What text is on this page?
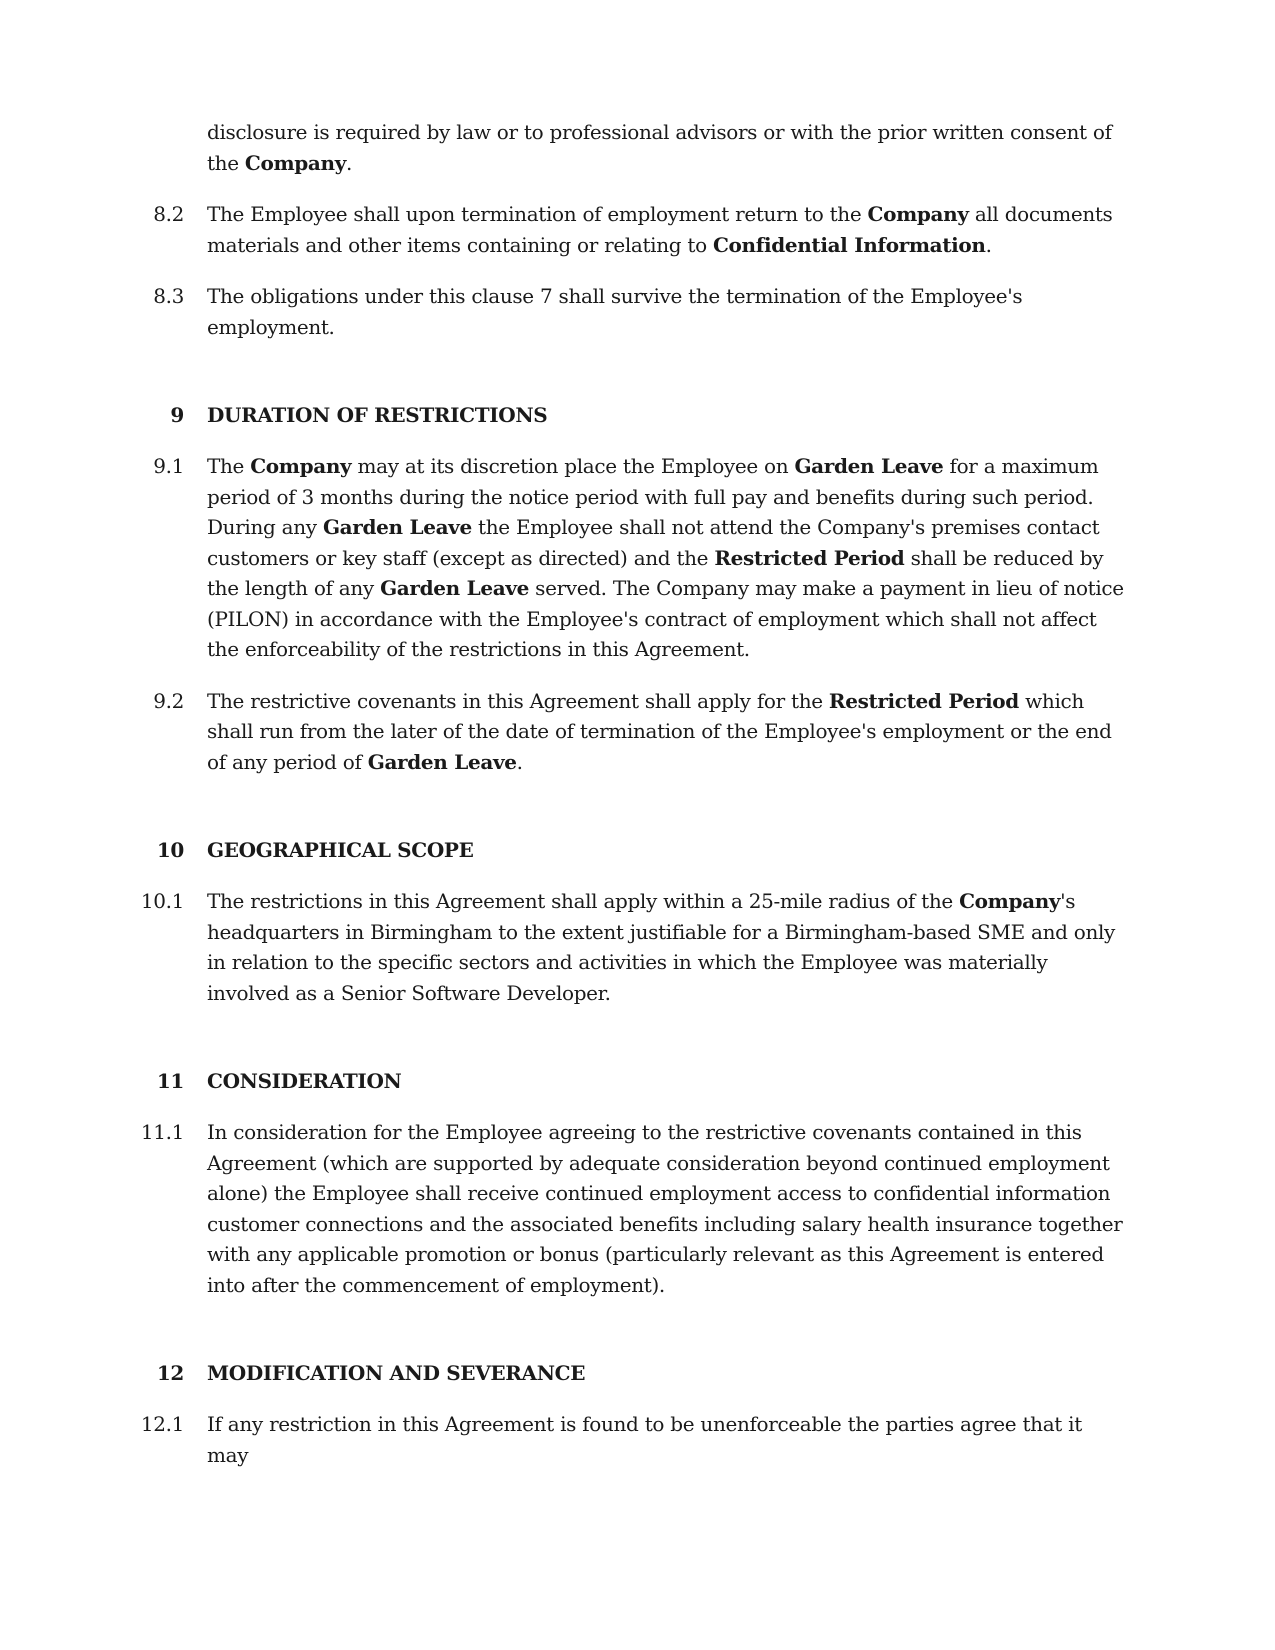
disclosure is required by law or to professional advisors or with the prior written consent of the Company.
8.2 The Employee shall upon termination of employment return to the Company all documents materials and other items containing or relating to Confidential Information.
8.3 The obligations under this clause 7 shall survive the termination of the Employee's employment.
9 DURATION OF RESTRICTIONS
9.1 The Company may at its discretion place the Employee on Garden Leave for a maximum period of 3 months during the notice period with full pay and benefits during such period. During any Garden Leave the Employee shall not attend the Company's premises contact customers or key staff (except as directed) and the Restricted Period shall be reduced by the length of any Garden Leave served. The Company may make a payment in lieu of notice (PILON) in accordance with the Employee's contract of employment which shall not affect the enforceability of the restrictions in this Agreement.
9.2 The restrictive covenants in this Agreement shall apply for the Restricted Period which shall run from the later of the date of termination of the Employee's employment or the end of any period of Garden Leave.
10 GEOGRAPHICAL SCOPE
10.1 The restrictions in this Agreement shall apply within a 25-mile radius of the Company's headquarters in Birmingham to the extent justifiable for a Birmingham-based SME and only in relation to the specific sectors and activities in which the Employee was materially involved as a Senior Software Developer.
11 CONSIDERATION
11.1 In consideration for the Employee agreeing to the restrictive covenants contained in this Agreement (which are supported by adequate consideration beyond continued employment alone) the Employee shall receive continued employment access to confidential information customer connections and the associated benefits including salary health insurance together with any applicable promotion or bonus (particularly relevant as this Agreement is entered into after the commencement of employment).
12 MODIFICATION AND SEVERANCE
12.1 If any restriction in this Agreement is found to be unenforceable the parties agree that it may
